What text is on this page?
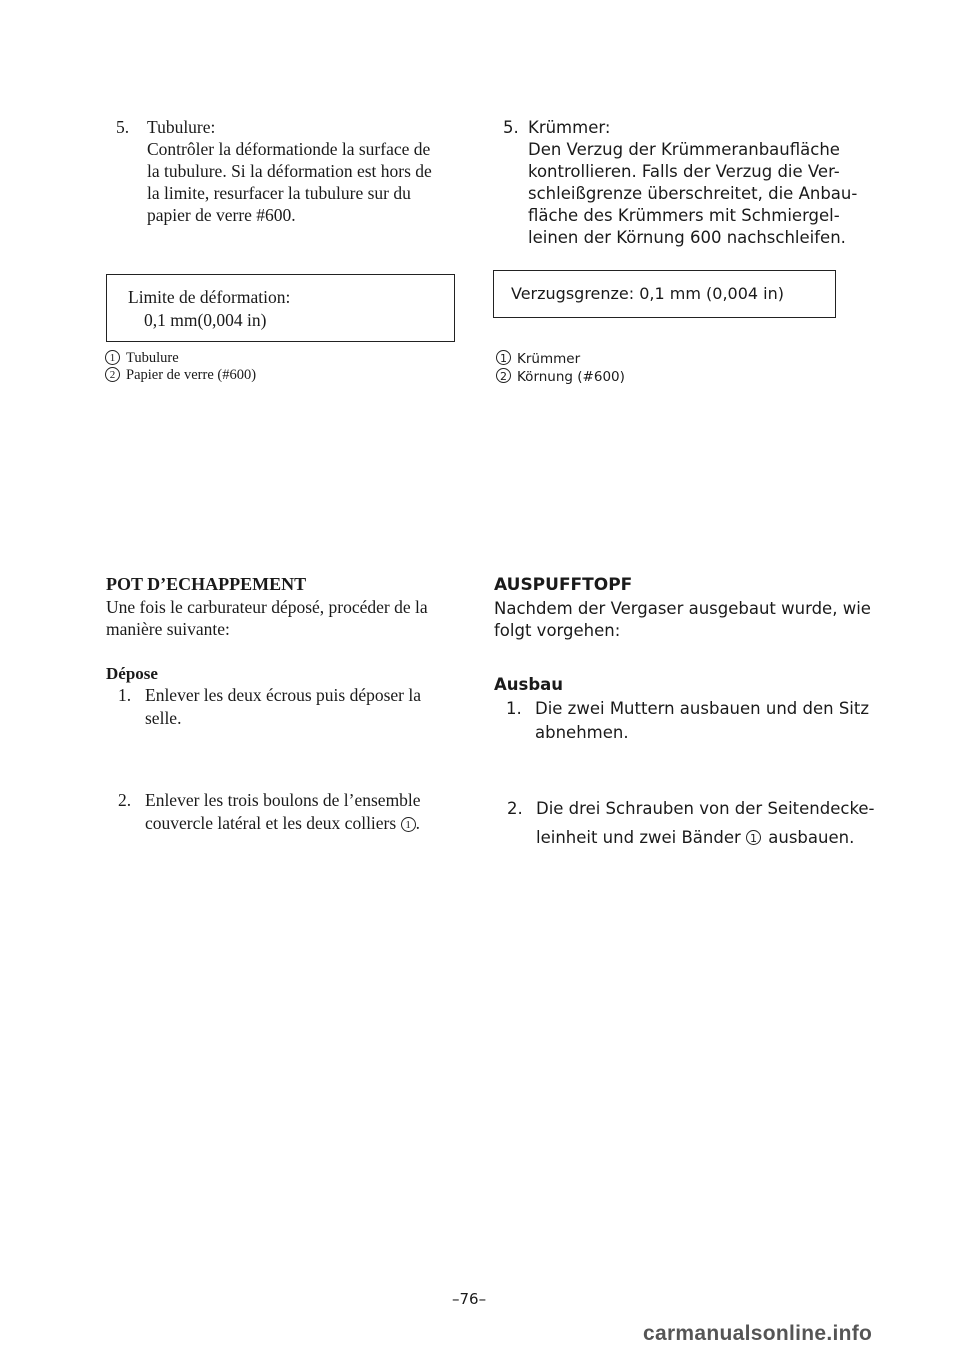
5. Tubulure:
Contrôler la déformationde la surface de
la tubulure. Si la déformation est hors de
la limite, resurfacer la tubulure sur du
papier de verre #600.
Limite de déformation:
0,1 mm(0,004 in)
1 Tubulure
2 Papier de verre (#600)
POT D’ECHAPPEMENT
Une fois le carburateur déposé, procéder de la
manière suivante:
Dépose
1. Enlever les deux écrous puis déposer la
selle.
2. Enlever les trois boulons de l’ensemble
couvercle latéral et les deux colliers 1 .
5. Krümmer:
Den Verzug der Krümmeranbaufläche
kontrollieren. Falls der Verzug die Ver-
schleißgrenze überschreitet, die Anbau-
fläche des Krümmers mit Schmiergel-
leinen der Körnung 600 nachschleifen.
Verzugsgrenze: 0,1 mm (0,004 in)
1 Krümmer
2 Körnung (#600)
AUSPUFFTOPF
Nachdem der Vergaser ausgebaut wurde, wie
folgt vorgehen:
Ausbau
1. Die zwei Muttern ausbauen und den Sitz
abnehmen.
2. Die drei Schrauben von der Seitendecke-
leinheit und zwei Bänder 1 ausbauen.
–76–
carmanualsonline.info
